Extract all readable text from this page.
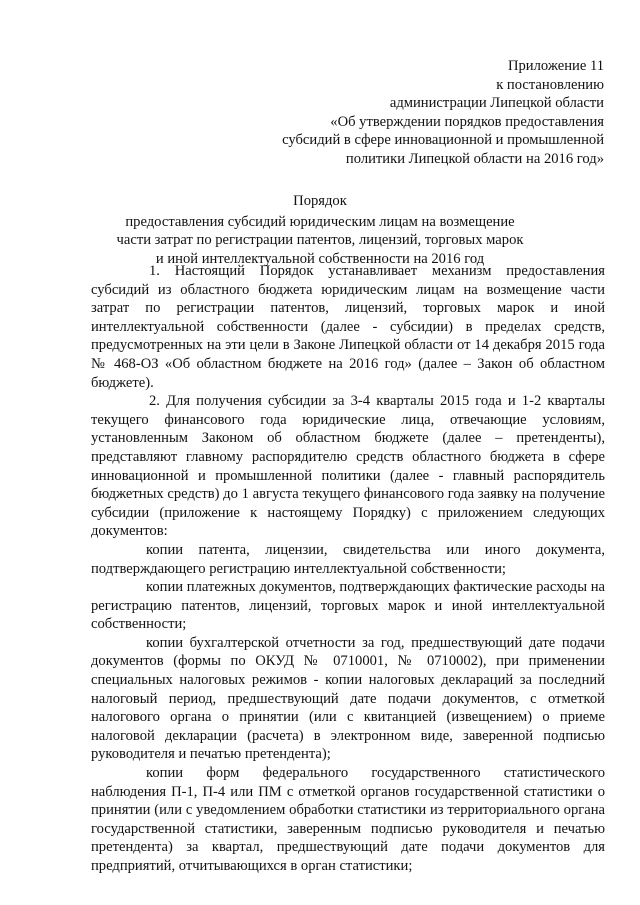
Приложение 11
к постановлению
администрации Липецкой области
«Об утверждении порядков предоставления
субсидий в сфере инновационной и промышленной
политики Липецкой области на 2016 год»
Порядок
предоставления субсидий юридическим лицам на возмещение
части затрат по регистрации патентов, лицензий, торговых марок
и иной интеллектуальной собственности на 2016 год

1. Настоящий Порядок устанавливает механизм предоставления субсидий из областного бюджета юридическим лицам на возмещение части затрат по регистрации патентов, лицензий, торговых марок и иной интеллектуальной собственности (далее - субсидии) в пределах средств, предусмотренных на эти цели в Законе Липецкой области от 14 декабря 2015 года № 468-ОЗ «Об областном бюджете на 2016 год» (далее – Закон об областном бюджете).

2. Для получения субсидии за 3-4 кварталы 2015 года и 1-2 кварталы текущего финансового года юридические лица, отвечающие условиям, установленным Законом об областном бюджете (далее – претенденты), представляют главному распорядителю средств областного бюджета в сфере инновационной и промышленной политики (далее - главный распорядитель бюджетных средств) до 1 августа текущего финансового года заявку на получение субсидии (приложение к настоящему Порядку) с приложением следующих документов:

копии патента, лицензии, свидетельства или иного документа, подтверждающего регистрацию интеллектуальной собственности;

копии платежных документов, подтверждающих фактические расходы на регистрацию патентов, лицензий, торговых марок и иной интеллектуальной собственности;

копии бухгалтерской отчетности за год, предшествующий дате подачи документов (формы по ОКУД № 0710001, № 0710002), при применении специальных налоговых режимов - копии налоговых деклараций за последний налоговый период, предшествующий дате подачи документов, с отметкой налогового органа о принятии (или с квитанцией (извещением) о приеме налоговой декларации (расчета) в электронном виде, заверенной подписью руководителя и печатью претендента);

копии форм федерального государственного статистического наблюдения П-1, П-4 или ПМ с отметкой органов государственной статистики о принятии (или с уведомлением обработки статистики из территориального органа государственной статистики, заверенным подписью руководителя и печатью претендента) за квартал, предшествующий дате подачи документов для предприятий, отчитывающихся в орган статистики;
